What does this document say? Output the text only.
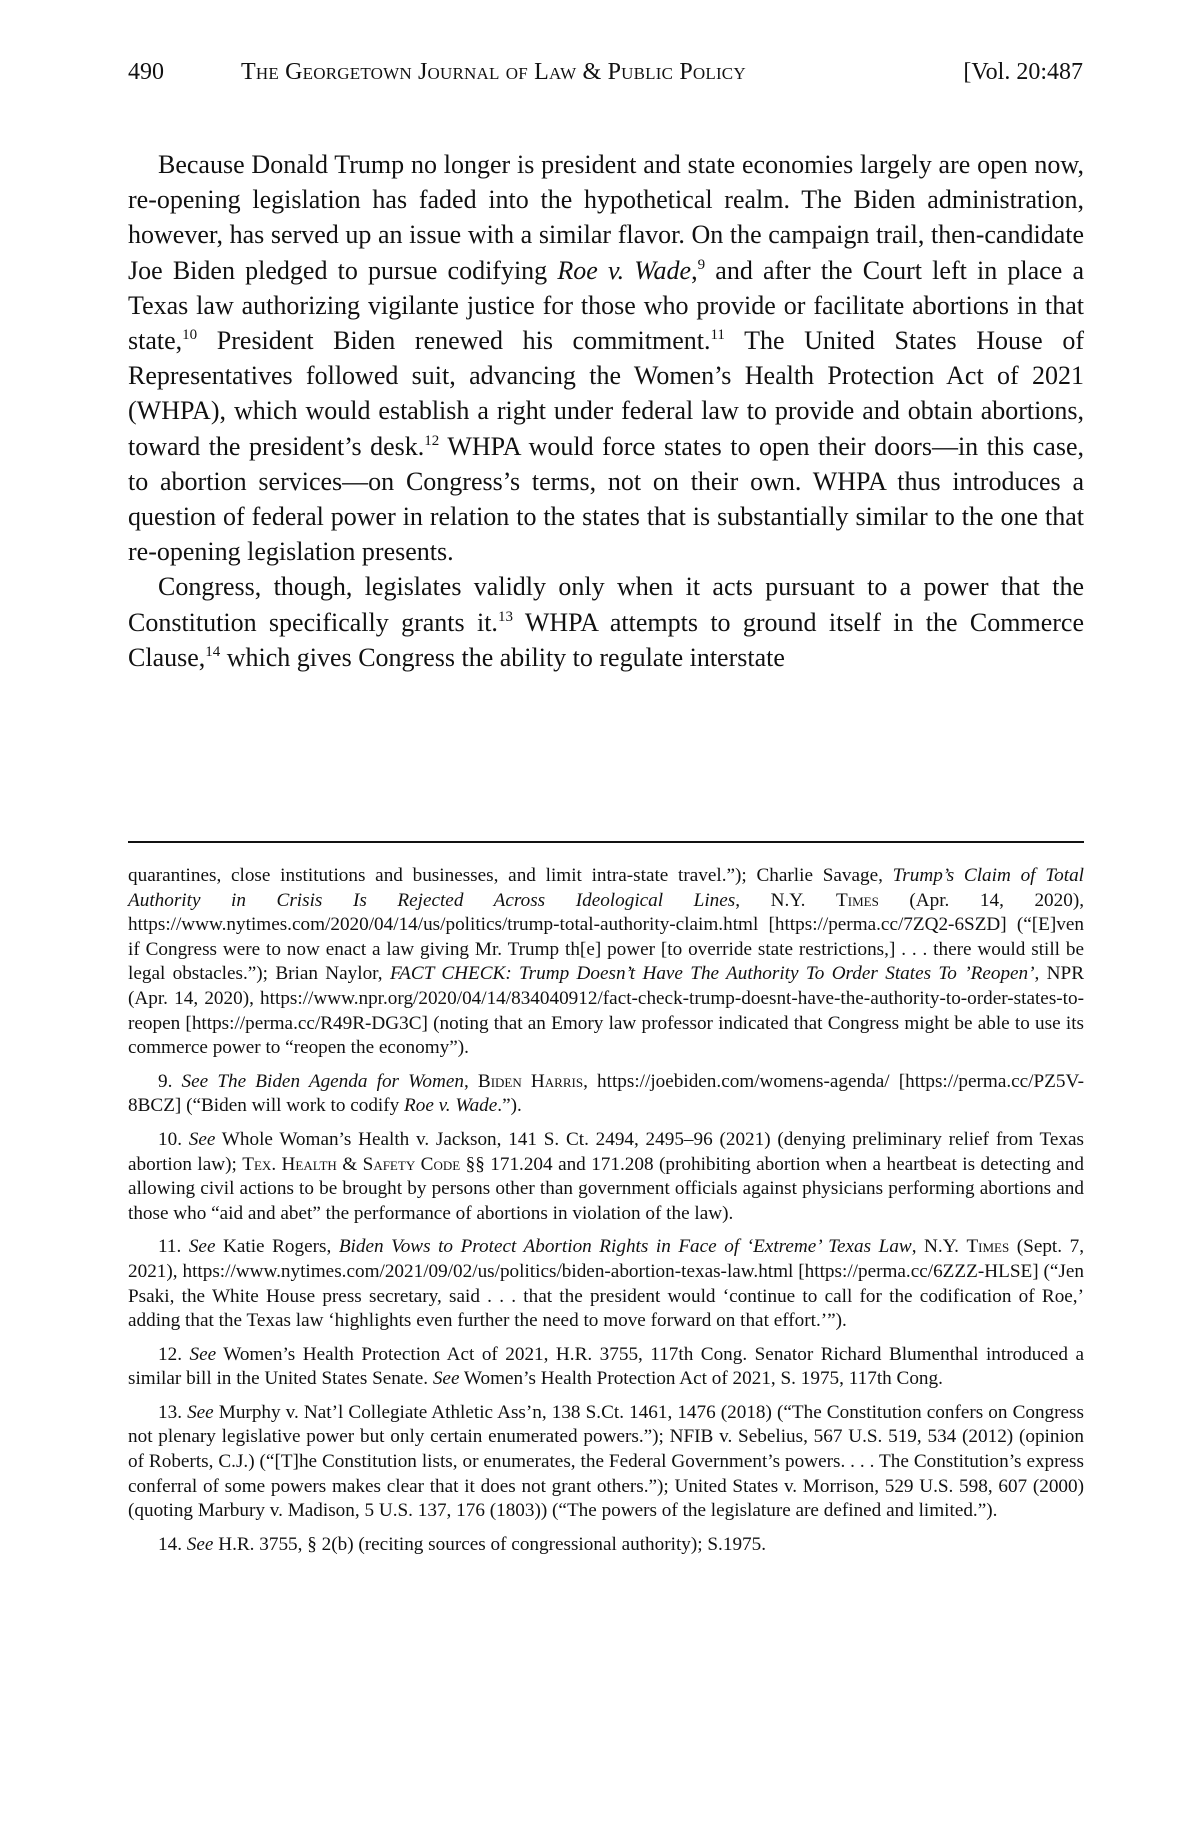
490	The Georgetown Journal of Law & Public Policy	[Vol. 20:487

Because Donald Trump no longer is president and state economies largely are open now, re-opening legislation has faded into the hypothetical realm. The Biden administration, however, has served up an issue with a similar flavor. On the campaign trail, then-candidate Joe Biden pledged to pursue codifying Roe v. Wade,$^9$ and after the Court left in place a Texas law authorizing vigilante justice for those who provide or facilitate abortions in that state,$^{10}$ President Biden renewed his commitment.$^{11}$ The United States House of Representatives followed suit, advancing the Women’s Health Protection Act of 2021 (WHPA), which would establish a right under federal law to provide and obtain abortions, toward the president’s desk.$^{12}$ WHPA would force states to open their doors—in this case, to abortion services—on Congress’s terms, not on their own. WHPA thus introduces a question of federal power in relation to the states that is substantially similar to the one that re-opening legislation presents.

Congress, though, legislates validly only when it acts pursuant to a power that the Constitution specifically grants it.$^{13}$ WHPA attempts to ground itself in the Commerce Clause,$^{14}$ which gives Congress the ability to regulate interstate

quarantines, close institutions and businesses, and limit intra-state travel.”); Charlie Savage, Trump’s Claim of Total Authority in Crisis Is Rejected Across Ideological Lines, N.Y. Times (Apr. 14, 2020), https://www.nytimes.com/2020/04/14/us/politics/trump-total-authority-claim.html [https://perma.cc/7ZQ2-6SZD] (“[E]ven if Congress were to now enact a law giving Mr. Trump th[e] power [to override state restrictions,] . . . there would still be legal obstacles.”); Brian Naylor, FACT CHECK: Trump Doesn’t Have The Authority To Order States To ’Reopen’, NPR (Apr. 14, 2020), https://www.npr.org/2020/04/14/834040912/fact-check-trump-doesnt-have-the-authority-to-order-states-to-reopen [https://perma.cc/R49R-DG3C] (noting that an Emory law professor indicated that Congress might be able to use its commerce power to “reopen the economy”).

9. See The Biden Agenda for Women, Biden Harris, https://joebiden.com/womens-agenda/ [https://perma.cc/PZ5V-8BCZ] (“Biden will work to codify Roe v. Wade.”).

10. See Whole Woman’s Health v. Jackson, 141 S. Ct. 2494, 2495–96 (2021) (denying preliminary relief from Texas abortion law); Tex. Health & Safety Code §§ 171.204 and 171.208 (prohibiting abortion when a heartbeat is detecting and allowing civil actions to be brought by persons other than government officials against physicians performing abortions and those who “aid and abet” the performance of abortions in violation of the law).

11. See Katie Rogers, Biden Vows to Protect Abortion Rights in Face of ‘Extreme’ Texas Law, N.Y. Times (Sept. 7, 2021), https://www.nytimes.com/2021/09/02/us/politics/biden-abortion-texas-law.html [https://perma.cc/6ZZZ-HLSE] (“Jen Psaki, the White House press secretary, said . . . that the president would ‘continue to call for the codification of Roe,’ adding that the Texas law ‘highlights even further the need to move forward on that effort.’”).

12. See Women’s Health Protection Act of 2021, H.R. 3755, 117th Cong. Senator Richard Blumenthal introduced a similar bill in the United States Senate. See Women’s Health Protection Act of 2021, S. 1975, 117th Cong.

13. See Murphy v. Nat’l Collegiate Athletic Ass’n, 138 S.Ct. 1461, 1476 (2018) (“The Constitution confers on Congress not plenary legislative power but only certain enumerated powers.”); NFIB v. Sebelius, 567 U.S. 519, 534 (2012) (opinion of Roberts, C.J.) (“[T]he Constitution lists, or enumerates, the Federal Government’s powers. . . . The Constitution’s express conferral of some powers makes clear that it does not grant others.”); United States v. Morrison, 529 U.S. 598, 607 (2000) (quoting Marbury v. Madison, 5 U.S. 137, 176 (1803)) (“The powers of the legislature are defined and limited.”).

14. See H.R. 3755, § 2(b) (reciting sources of congressional authority); S.1975.
